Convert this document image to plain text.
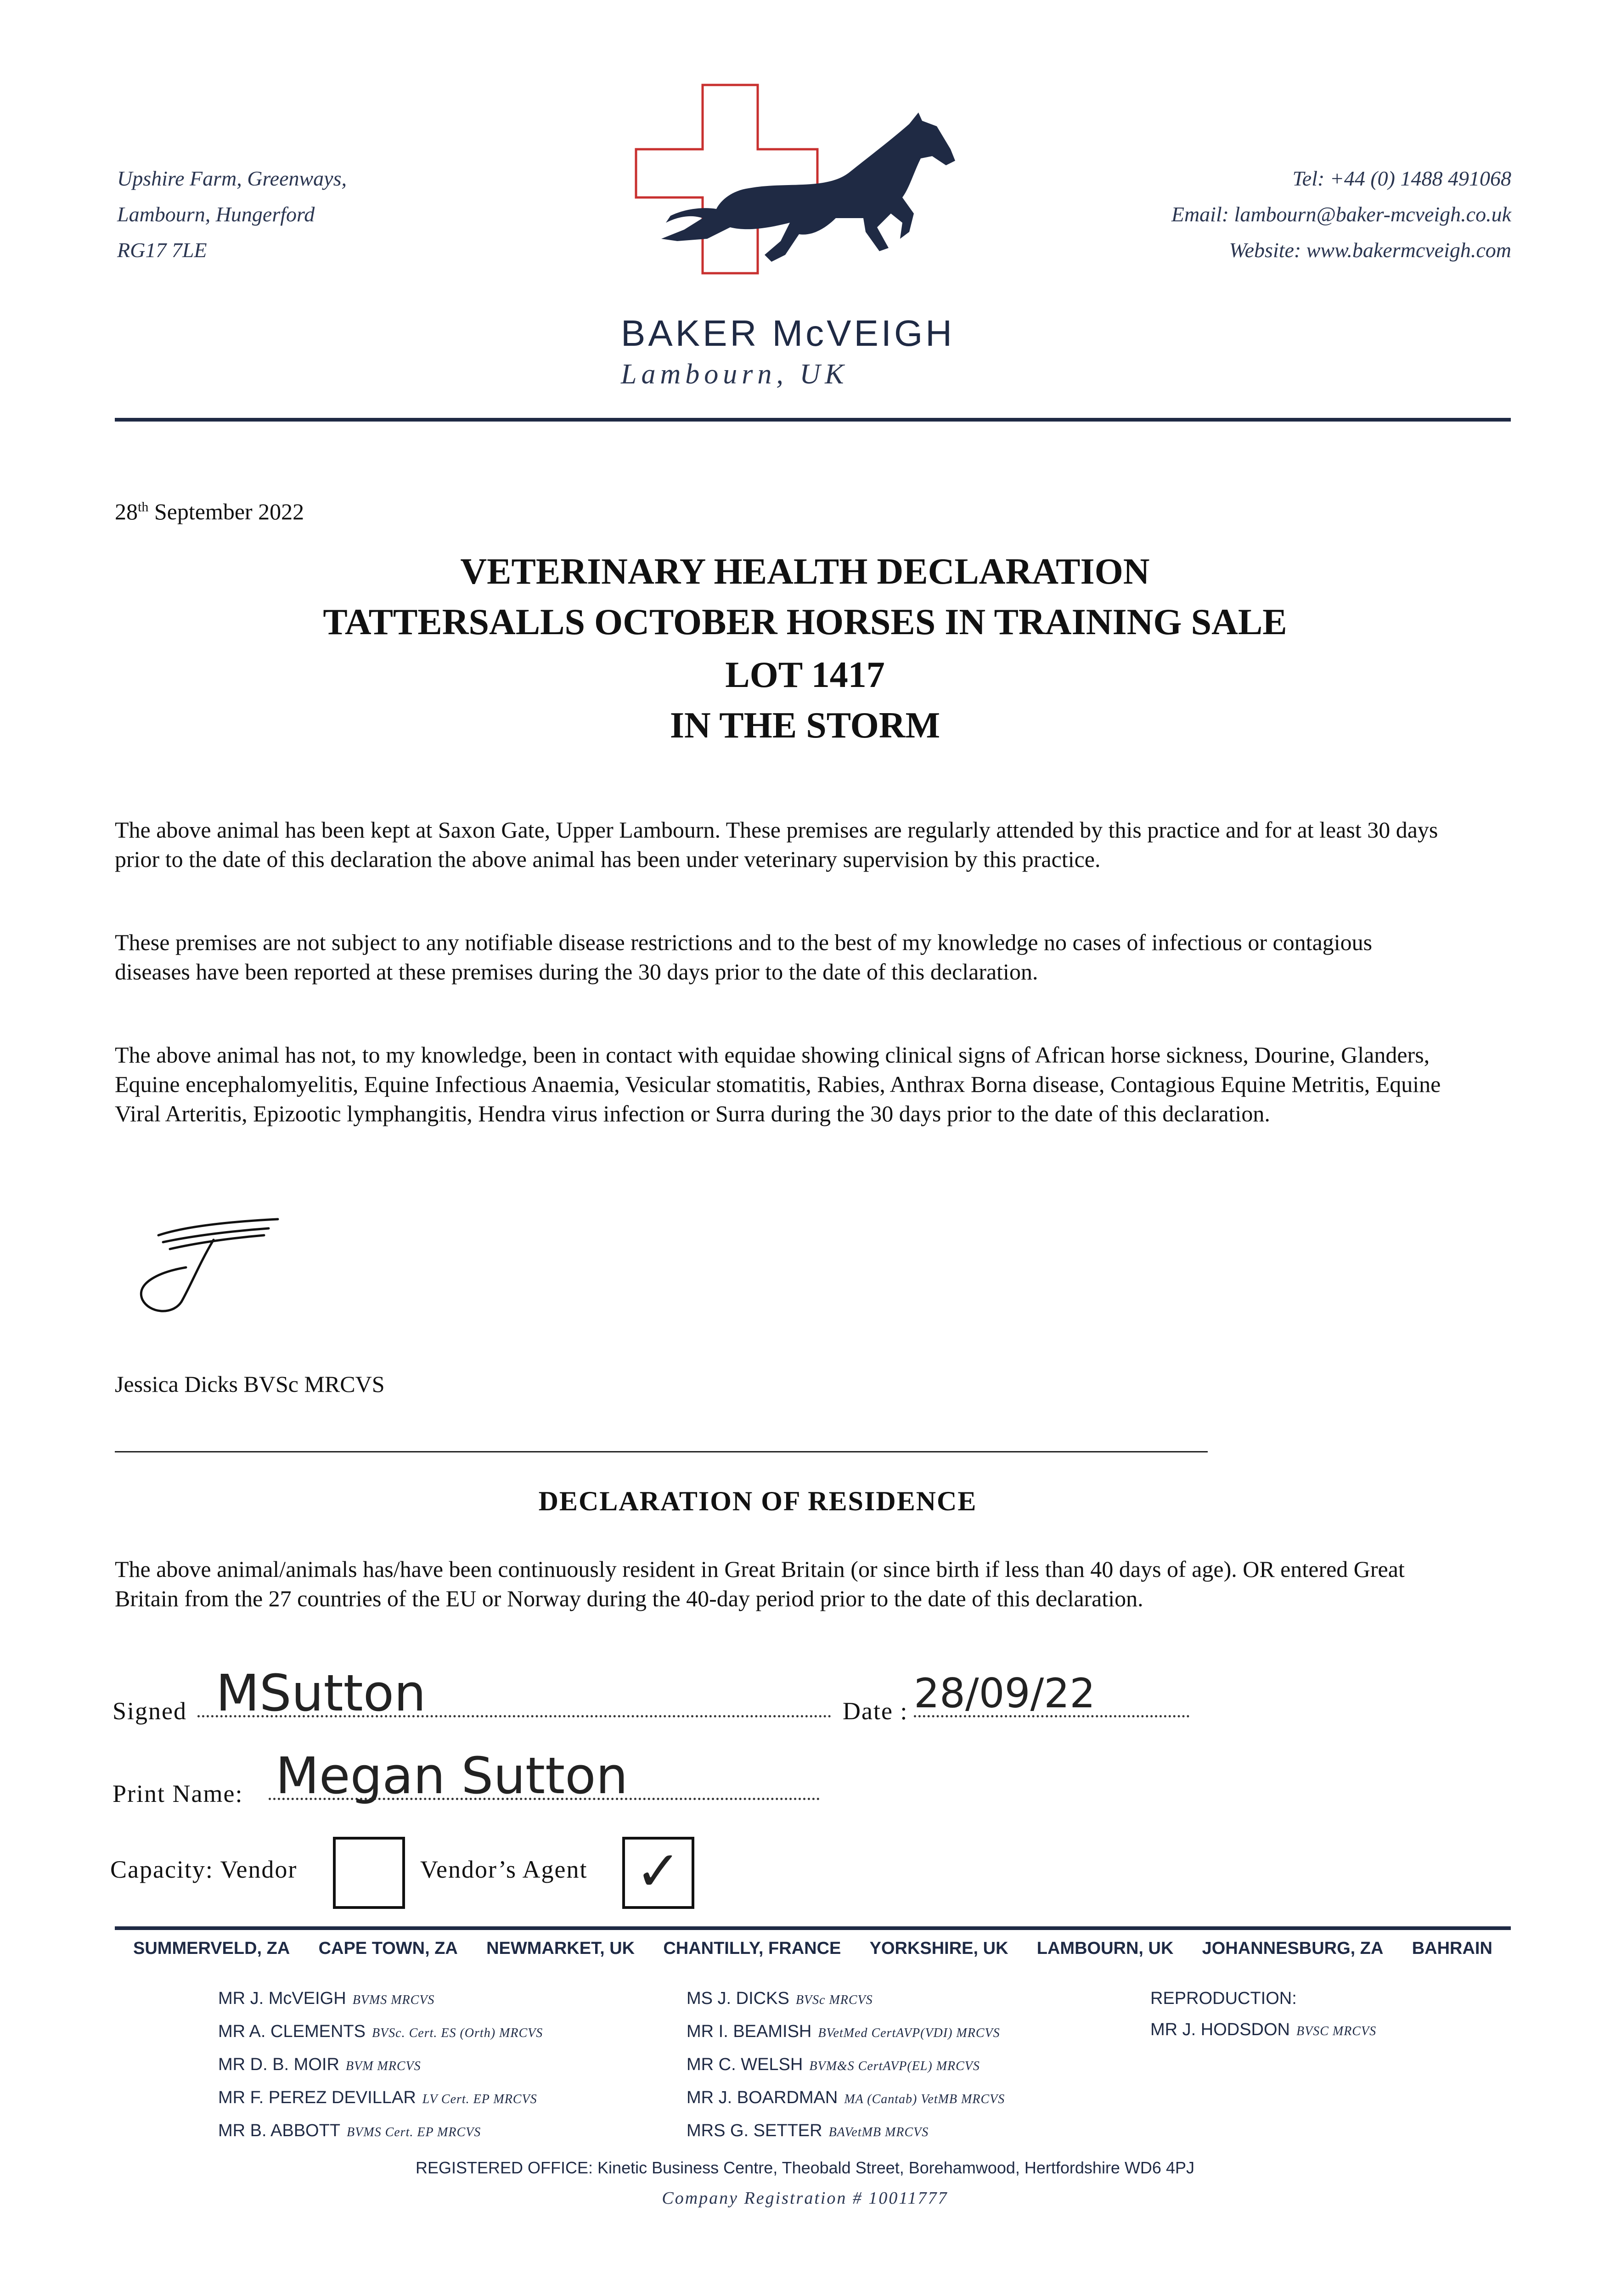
Upshire Farm, Greenways,
Lambourn, Hungerford
RG17 7LE
Tel: +44 (0) 1488 491068
Email: lambourn@baker-mcveigh.co.uk
Website: www.bakermcveigh.com
BAKER McVEIGH
Lambourn, UK
28th September 2022
VETERINARY HEALTH DECLARATION
TATTERSALLS OCTOBER HORSES IN TRAINING SALE
LOT 1417
IN THE STORM

The above animal has been kept at Saxon Gate, Upper Lambourn. These premises are regularly attended by this practice and for at least 30 days prior to the date of this declaration the above animal has been under veterinary supervision by this practice.

These premises are not subject to any notifiable disease restrictions and to the best of my knowledge no cases of infectious or contagious diseases have been reported at these premises during the 30 days prior to the date of this declaration.

The above animal has not, to my knowledge, been in contact with equidae showing clinical signs of African horse sickness, Dourine, Glanders, Equine encephalomyelitis, Equine Infectious Anaemia, Vesicular stomatitis, Rabies, Anthrax Borna disease, Contagious Equine Metritis, Equine Viral Arteritis, Epizootic lymphangitis, Hendra virus infection or Surra during the 30 days prior to the date of this declaration.

Jessica Dicks BVSc MRCVS
DECLARATION OF RESIDENCE

The above animal/animals has/have been continuously resident in Great Britain (or since birth if less than 40 days of age). OR entered Great Britain from the 27 countries of the EU or Norway during the 40-day period prior to the date of this declaration.

Signed MSutton	Date : 28/09/22
Print Name: Megan Sutton
Capacity: Vendor	Vendor’s Agent ✓
SUMMERVELD, ZA CAPE TOWN, ZA NEWMARKET, UK CHANTILLY, FRANCE YORKSHIRE, UK LAMBOURN, UK JOHANNESBURG, ZA BAHRAIN
MR J. McVEIGH BVMS MRCVS
MR A. CLEMENTS BVSc. Cert. ES (Orth) MRCVS
MR D. B. MOIR BVM MRCVS
MR F. PEREZ DEVILLAR LV Cert. EP MRCVS
MR B. ABBOTT BVMS Cert. EP MRCVS
MS J. DICKS BVSc MRCVS
MR I. BEAMISH BVetMed CertAVP(VDI) MRCVS
MR C. WELSH BVM&S CertAVP(EL) MRCVS
MR J. BOARDMAN MA (Cantab) VetMB MRCVS
MRS G. SETTER BAVetMB MRCVS
REPRODUCTION:
MR J. HODSDON BVSC MRCVS
REGISTERED OFFICE: Kinetic Business Centre, Theobald Street, Borehamwood, Hertfordshire WD6 4PJ
Company Registration # 10011777
